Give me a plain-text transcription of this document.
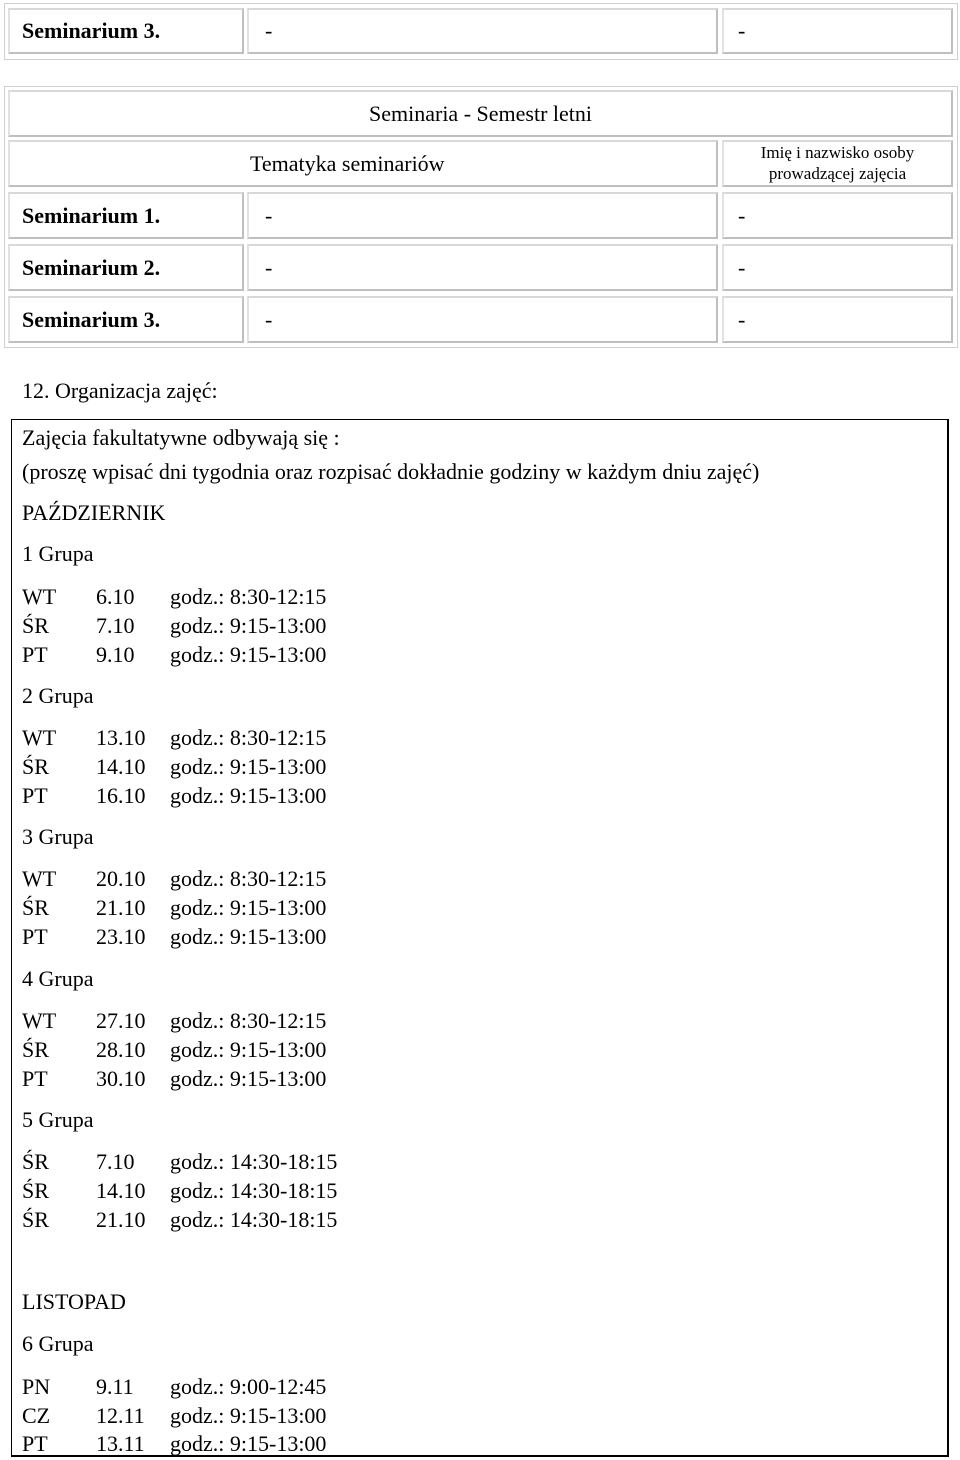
Seminarium 3.	-	-
Seminaria - Semestr letni
Tematyka seminariów	Imię i nazwisko osoby prowadzącej zajęcia
Seminarium 1.	-	-
Seminarium 2.	-	-
Seminarium 3.	-	-
12. Organizacja zajęć:
Zajęcia fakultatywne odbywają się :
(proszę wpisać dni tygodnia oraz rozpisać dokładnie godziny w każdym dniu zajęć)
PAŹDZIERNIK
1 Grupa
WT 6.10 godz.: 8:30-12:15
ŚR 7.10 godz.: 9:15-13:00
PT 9.10 godz.: 9:15-13:00
2 Grupa
WT 13.10 godz.: 8:30-12:15
ŚR 14.10 godz.: 9:15-13:00
PT 16.10 godz.: 9:15-13:00
3 Grupa
WT 20.10 godz.: 8:30-12:15
ŚR 21.10 godz.: 9:15-13:00
PT 23.10 godz.: 9:15-13:00
4 Grupa
WT 27.10 godz.: 8:30-12:15
ŚR 28.10 godz.: 9:15-13:00
PT 30.10 godz.: 9:15-13:00
5 Grupa
ŚR 7.10 godz.: 14:30-18:15
ŚR 14.10 godz.: 14:30-18:15
ŚR 21.10 godz.: 14:30-18:15
LISTOPAD
6 Grupa
PN 9.11 godz.: 9:00-12:45
CZ 12.11 godz.: 9:15-13:00
PT 13.11 godz.: 9:15-13:00
